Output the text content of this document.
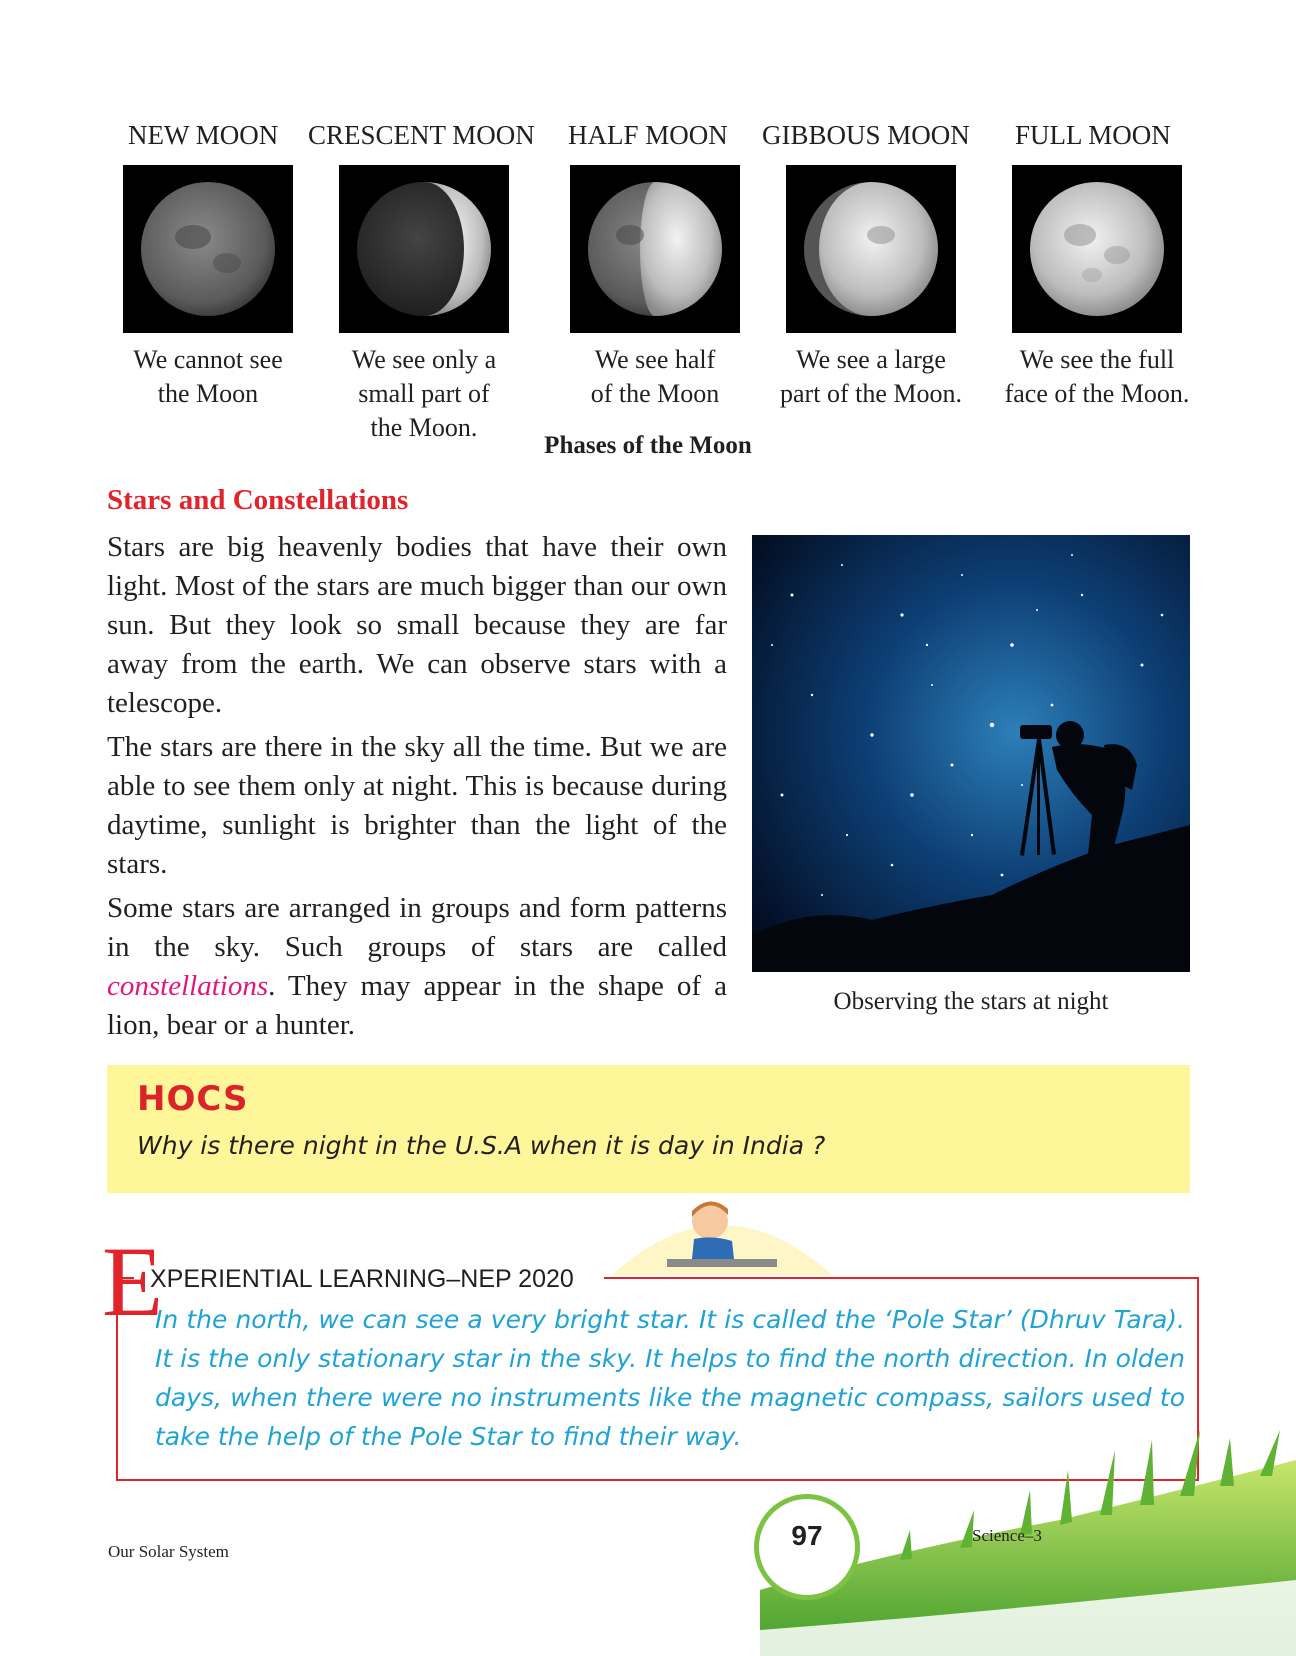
NEW MOON CRESCENT MOON HALF MOON GIBBOUS MOON FULL MOON
We cannot see
the Moon
We see only a
small part of
the Moon.
We see half
of the Moon
We see a large
part of the Moon.
We see the full
face of the Moon.
Phases of the Moon
Stars and Constellations

Stars are big heavenly bodies that have their own light. Most of the stars are much bigger than our own sun. But they look so small because they are far away from the earth. We can observe stars with a telescope.

The stars are there in the sky all the time. But we are able to see them only at night. This is because during daytime, sunlight is brighter than the light of the stars.

Some stars are arranged in groups and form patterns in the sky. Such groups of stars are called constellations. They may appear in the shape of a lion, bear or a hunter.

Observing the stars at night
HOCS
Why is there night in the U.S.A when it is day in India ?
E
XPERIENTIAL LEARNING–NEP 2020
In the north, we can see a very bright star. It is called the ‘Pole Star’ (Dhruv Tara). It is the only stationary star in the sky. It helps to find the north direction. In olden days, when there were no instruments like the magnetic compass, sailors used to take the help of the Pole Star to find their way.
97
Our Solar System
Science–3
